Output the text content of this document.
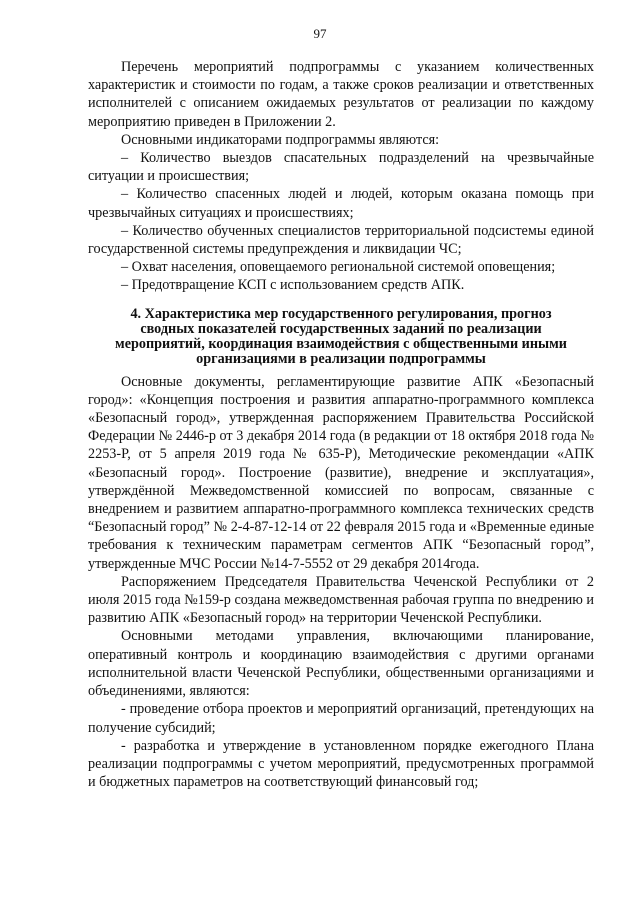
97

Перечень мероприятий подпрограммы с указанием количественных характеристик и стоимости по годам, а также сроков реализации и ответственных исполнителей с описанием ожидаемых результатов от реализации по каждому мероприятию приведен в Приложении 2.

Основными индикаторами подпрограммы являются:

– Количество выездов спасательных подразделений на чрезвычайные ситуации и происшествия;

– Количество спасенных людей и людей, которым оказана помощь при чрезвычайных ситуациях и происшествиях;

– Количество обученных специалистов территориальной подсистемы единой государственной системы предупреждения и ликвидации ЧС;

– Охват населения, оповещаемого региональной системой оповещения;

– Предотвращение КСП с использованием средств АПК.

4. Характеристика мер государственного регулирования, прогноз
сводных показателей государственных заданий по реализации
мероприятий, координация взаимодействия с общественными иными
организациями в реализации подпрограммы

Основные документы, регламентирующие развитие АПК «Безопасный город»: «Концепция построения и развития аппаратно-программного комплекса «Безопасный город», утвержденная распоряжением Правительства Российской Федерации № 2446-р от 3 декабря 2014 года (в редакции от 18 октября 2018 года № 2253-Р, от 5 апреля 2019 года № 635-Р), Методические рекомендации «АПК «Безопасный город». Построение (развитие), внедрение и эксплуатация», утверждённой Межведомственной комиссией по вопросам, связанные с внедрением и развитием аппаратно-программного комплекса технических средств “Безопасный город” № 2-4-87-12-14 от 22 февраля 2015 года и «Временные единые требования к техническим параметрам сегментов АПК “Безопасный город”, утвержденные МЧС России №14-7-5552 от 29 декабря 2014года.

Распоряжением Председателя Правительства Чеченской Республики от 2 июля 2015 года №159-р создана межведомственная рабочая группа по внедрению и развитию АПК «Безопасный город» на территории Чеченской Республики.

Основными методами управления, включающими планирование, оперативный контроль и координацию взаимодействия с другими органами исполнительной власти Чеченской Республики, общественными организациями и объединениями, являются:

- проведение отбора проектов и мероприятий организаций, претендующих на получение субсидий;

- разработка и утверждение в установленном порядке ежегодного Плана реализации подпрограммы с учетом мероприятий, предусмотренных программой и бюджетных параметров на соответствующий финансовый год;
